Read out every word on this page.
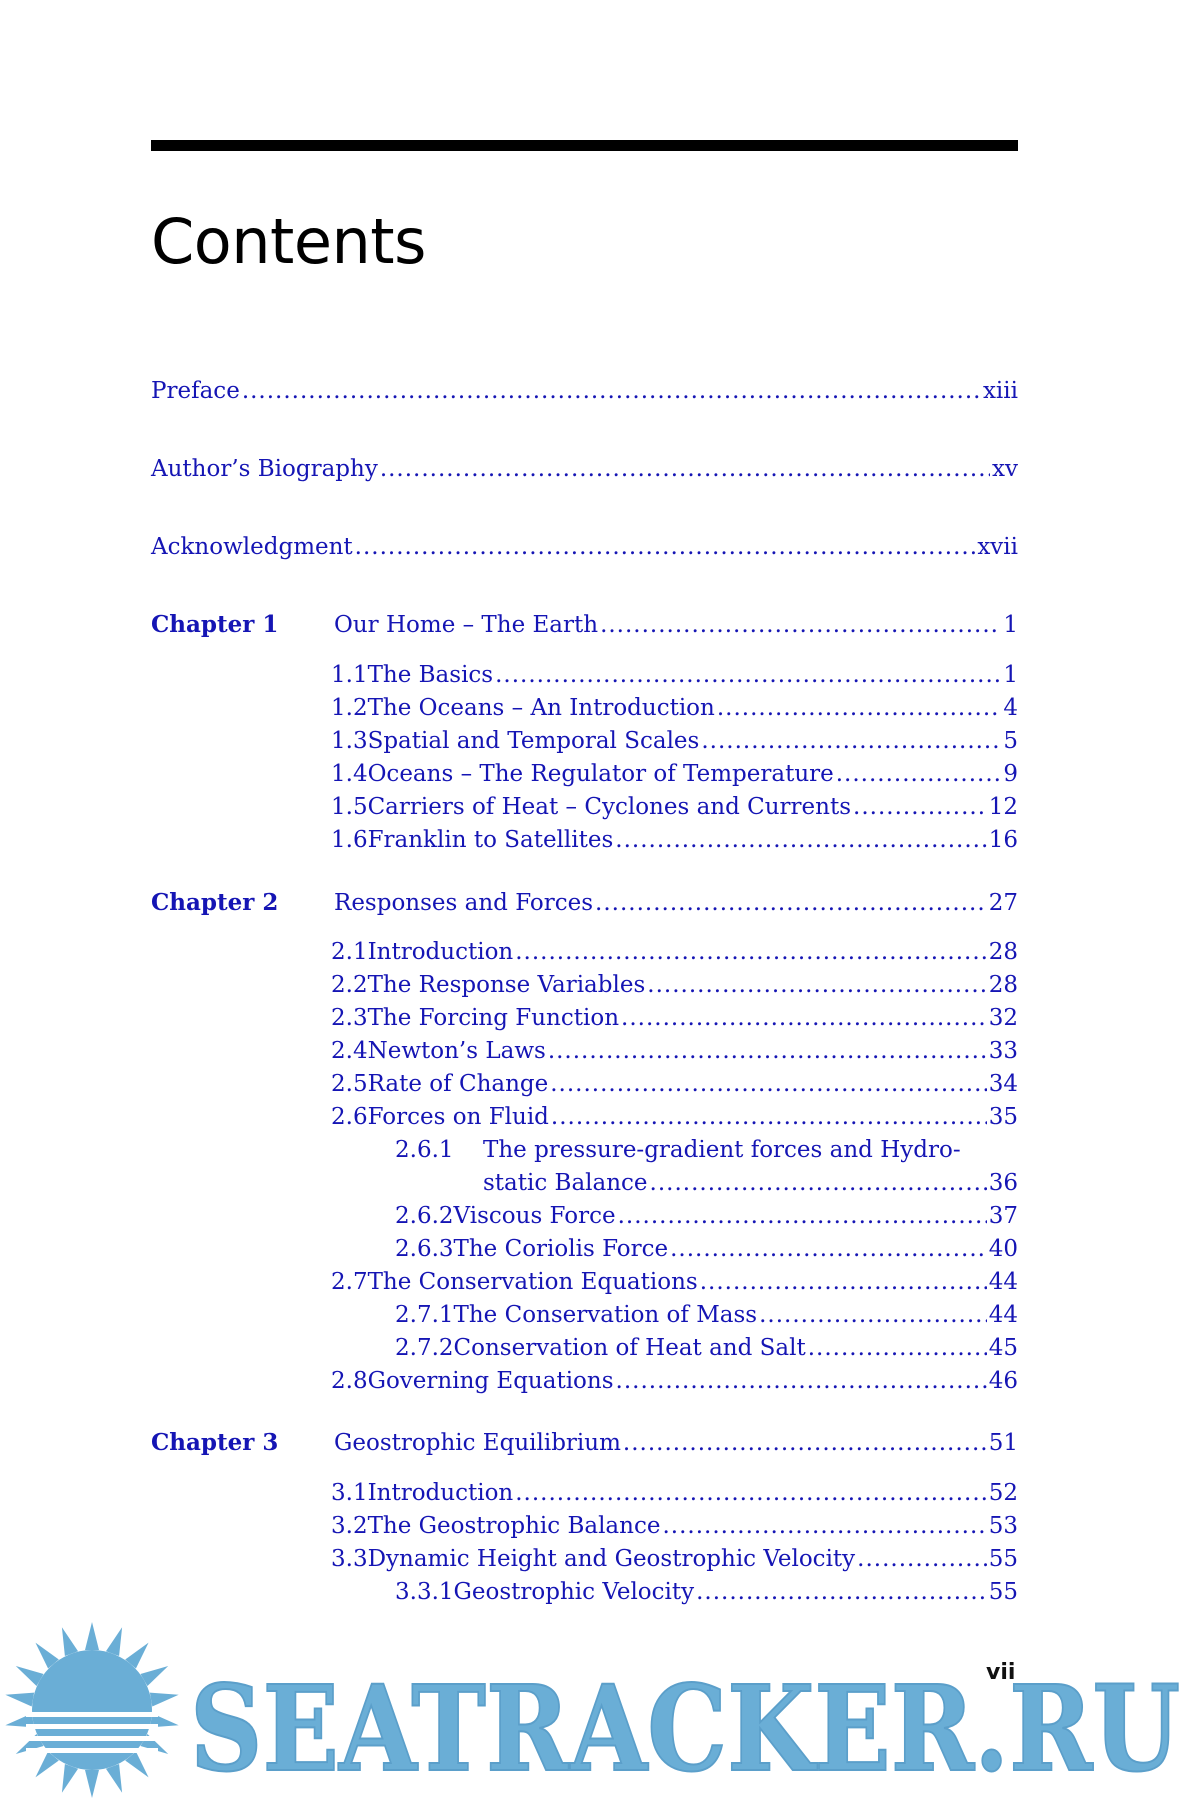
Contents
Preface .....	xiii
Author’s Biography .....	xv
Acknowledgment .....	xvii
Chapter 1 Our Home – The Earth .....	1
1.1 The Basics .....	1
1.2 The Oceans – An Introduction .....	4
1.3 Spatial and Temporal Scales .....	5
1.4 Oceans – The Regulator of Temperature .....	9
1.5 Carriers of Heat – Cyclones and Currents .....	12
1.6 Franklin to Satellites .....	16
Chapter 2 Responses and Forces .....	27
2.1 Introduction .....	28
2.2 The Response Variables .....	28
2.3 The Forcing Function .....	32
2.4 Newton’s Laws .....	33
2.5 Rate of Change .....	34
2.6 Forces on Fluid .....	35
2.6.1 The pressure-gradient forces and Hydro-
static Balance .....	36
2.6.2 Viscous Force .....	37
2.6.3 The Coriolis Force .....	40
2.7 The Conservation Equations .....	44
2.7.1 The Conservation of Mass .....	44
2.7.2 Conservation of Heat and Salt .....	45
2.8 Governing Equations .....	46
Chapter 3 Geostrophic Equilibrium .....	51
3.1 Introduction .....	52
3.2 The Geostrophic Balance .....	53
3.3 Dynamic Height and Geostrophic Velocity .....	55
3.3.1 Geostrophic Velocity .....	55
vii
SEATRACKER.RU
